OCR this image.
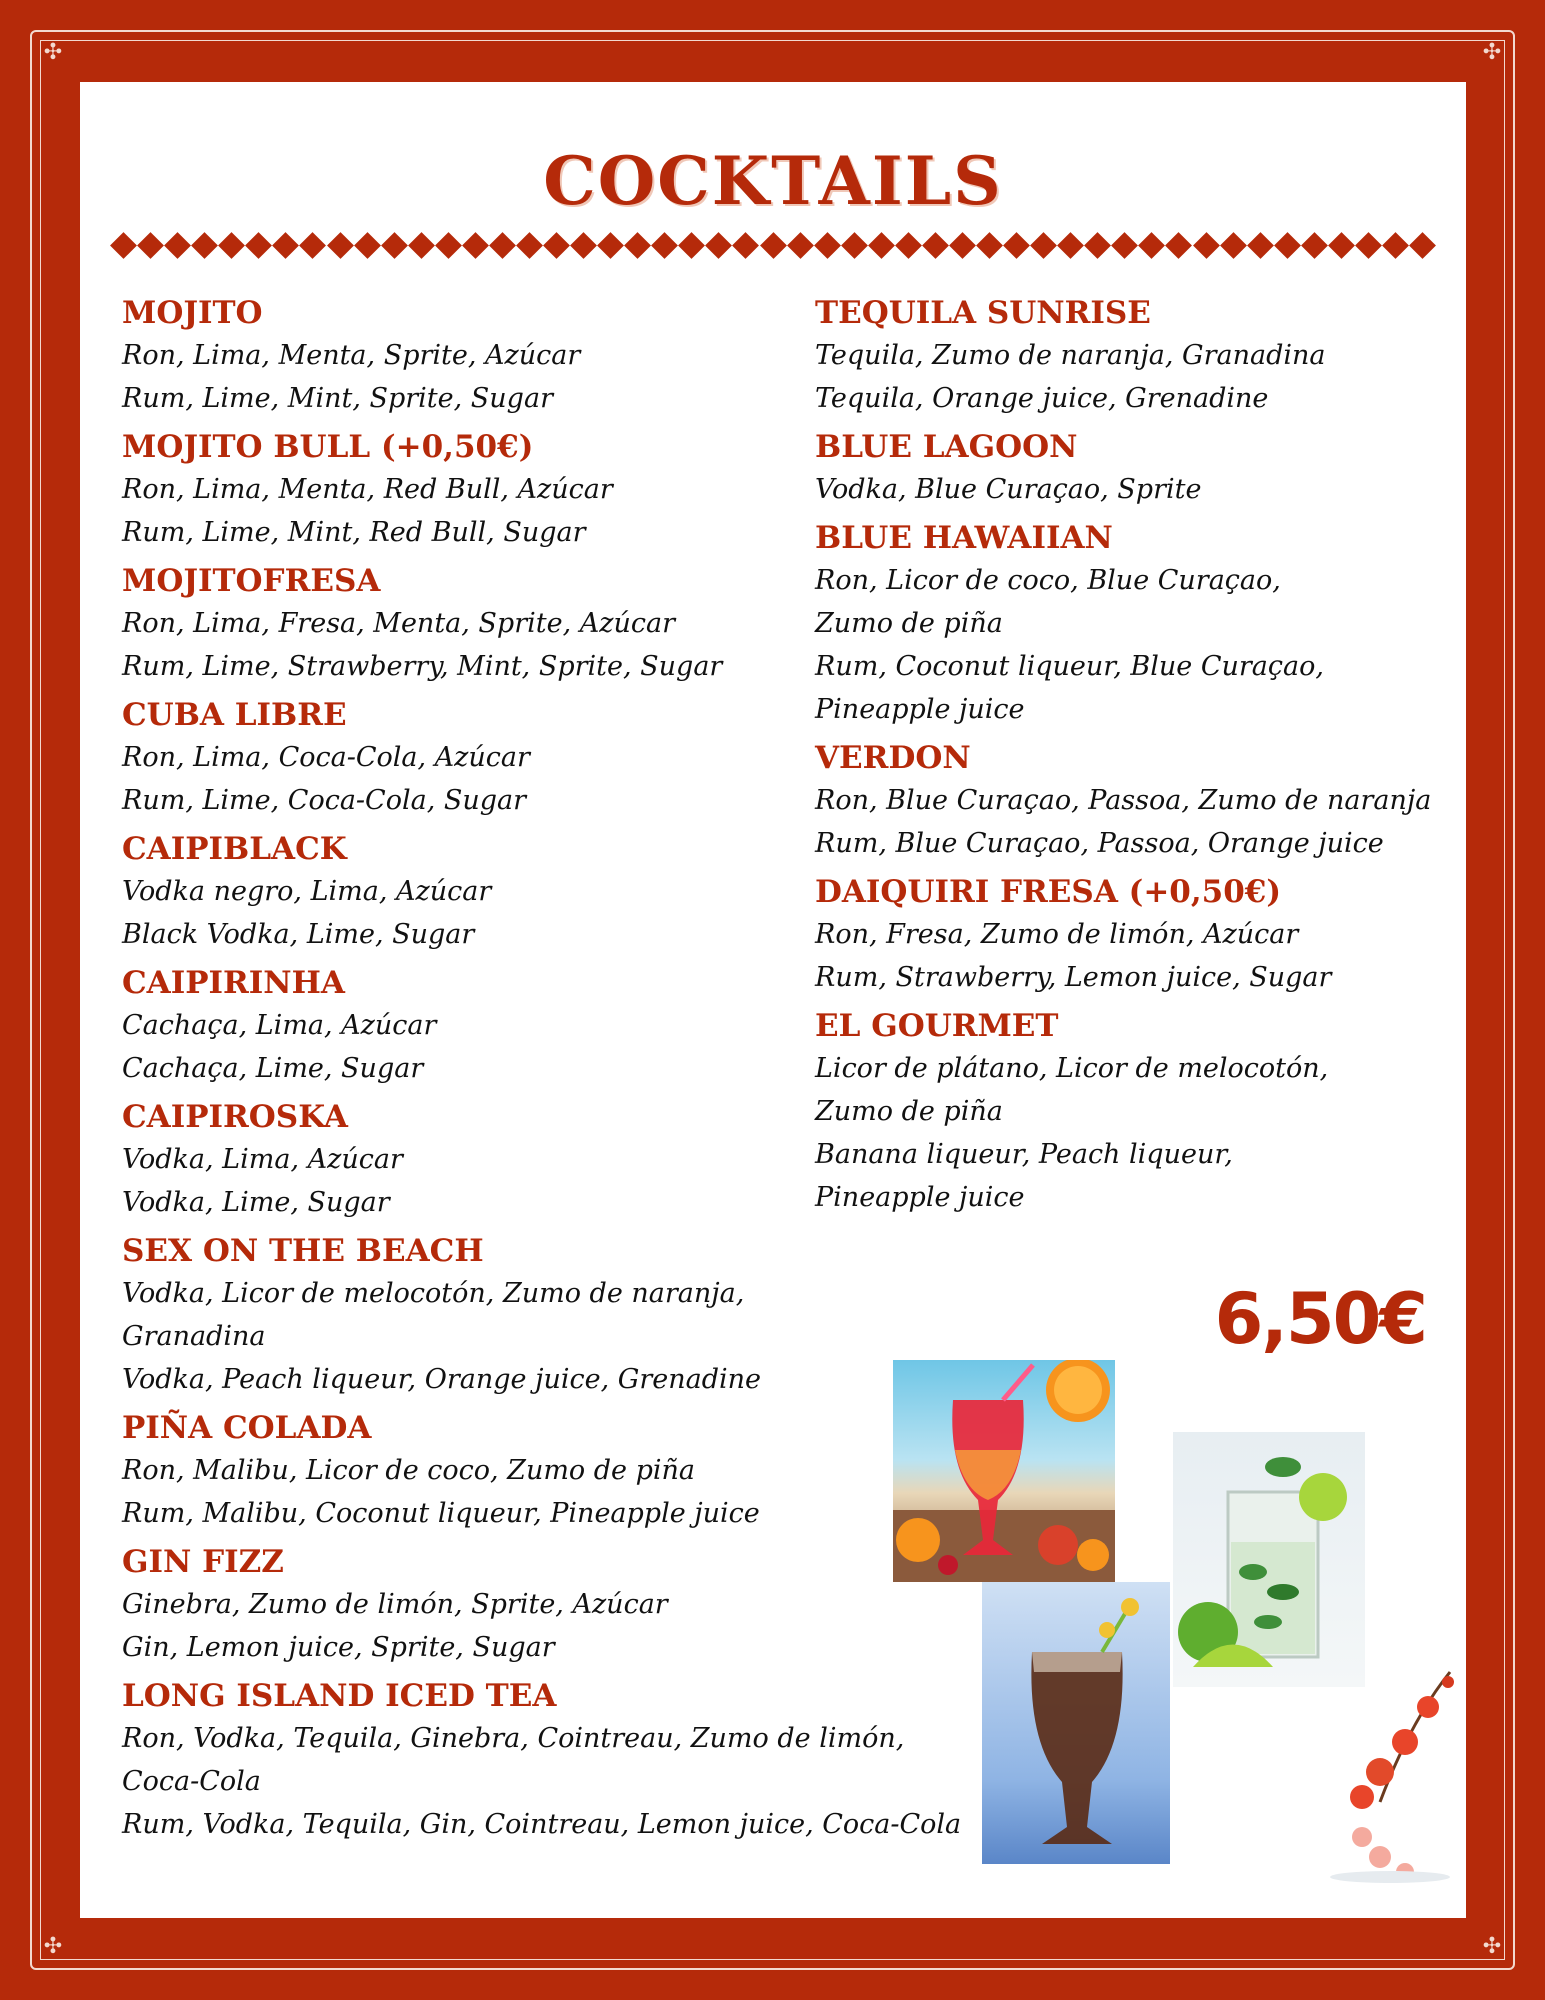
✣	✣
✣	✣
COCKTAILS
MOJITO
Ron, Lima, Menta, Sprite, Azúcar
Rum, Lime, Mint, Sprite, Sugar
MOJITO BULL (+0,50€)
Ron, Lima, Menta, Red Bull, Azúcar
Rum, Lime, Mint, Red Bull, Sugar
MOJITOFRESA
Ron, Lima, Fresa, Menta, Sprite, Azúcar
Rum, Lime, Strawberry, Mint, Sprite, Sugar
CUBA LIBRE
Ron, Lima, Coca-Cola, Azúcar
Rum, Lime, Coca-Cola, Sugar
CAIPIBLACK
Vodka negro, Lima, Azúcar
Black Vodka, Lime, Sugar
CAIPIRINHA
Cachaça, Lima, Azúcar
Cachaça, Lime, Sugar
CAIPIROSKA
Vodka, Lima, Azúcar
Vodka, Lime, Sugar
SEX ON THE BEACH
Vodka, Licor de melocotón, Zumo de naranja,
Granadina
Vodka, Peach liqueur, Orange juice, Grenadine
PIÑA COLADA
Ron, Malibu, Licor de coco, Zumo de piña
Rum, Malibu, Coconut liqueur, Pineapple juice
GIN FIZZ
Ginebra, Zumo de limón, Sprite, Azúcar
Gin, Lemon juice, Sprite, Sugar
LONG ISLAND ICED TEA
Ron, Vodka, Tequila, Ginebra, Cointreau, Zumo de limón,
Coca-Cola
Rum, Vodka, Tequila, Gin, Cointreau, Lemon juice, Coca-Cola
TEQUILA SUNRISE
Tequila, Zumo de naranja, Granadina
Tequila, Orange juice, Grenadine
BLUE LAGOON
Vodka, Blue Curaçao, Sprite
BLUE HAWAIIAN
Ron, Licor de coco, Blue Curaçao,
Zumo de piña
Rum, Coconut liqueur, Blue Curaçao,
Pineapple juice
VERDON
Ron, Blue Curaçao, Passoa, Zumo de naranja
Rum, Blue Curaçao, Passoa, Orange juice
DAIQUIRI FRESA (+0,50€)
Ron, Fresa, Zumo de limón, Azúcar
Rum, Strawberry, Lemon juice, Sugar
EL GOURMET
Licor de plátano, Licor de melocotón,
Zumo de piña
Banana liqueur, Peach liqueur,
Pineapple juice
6,50€
